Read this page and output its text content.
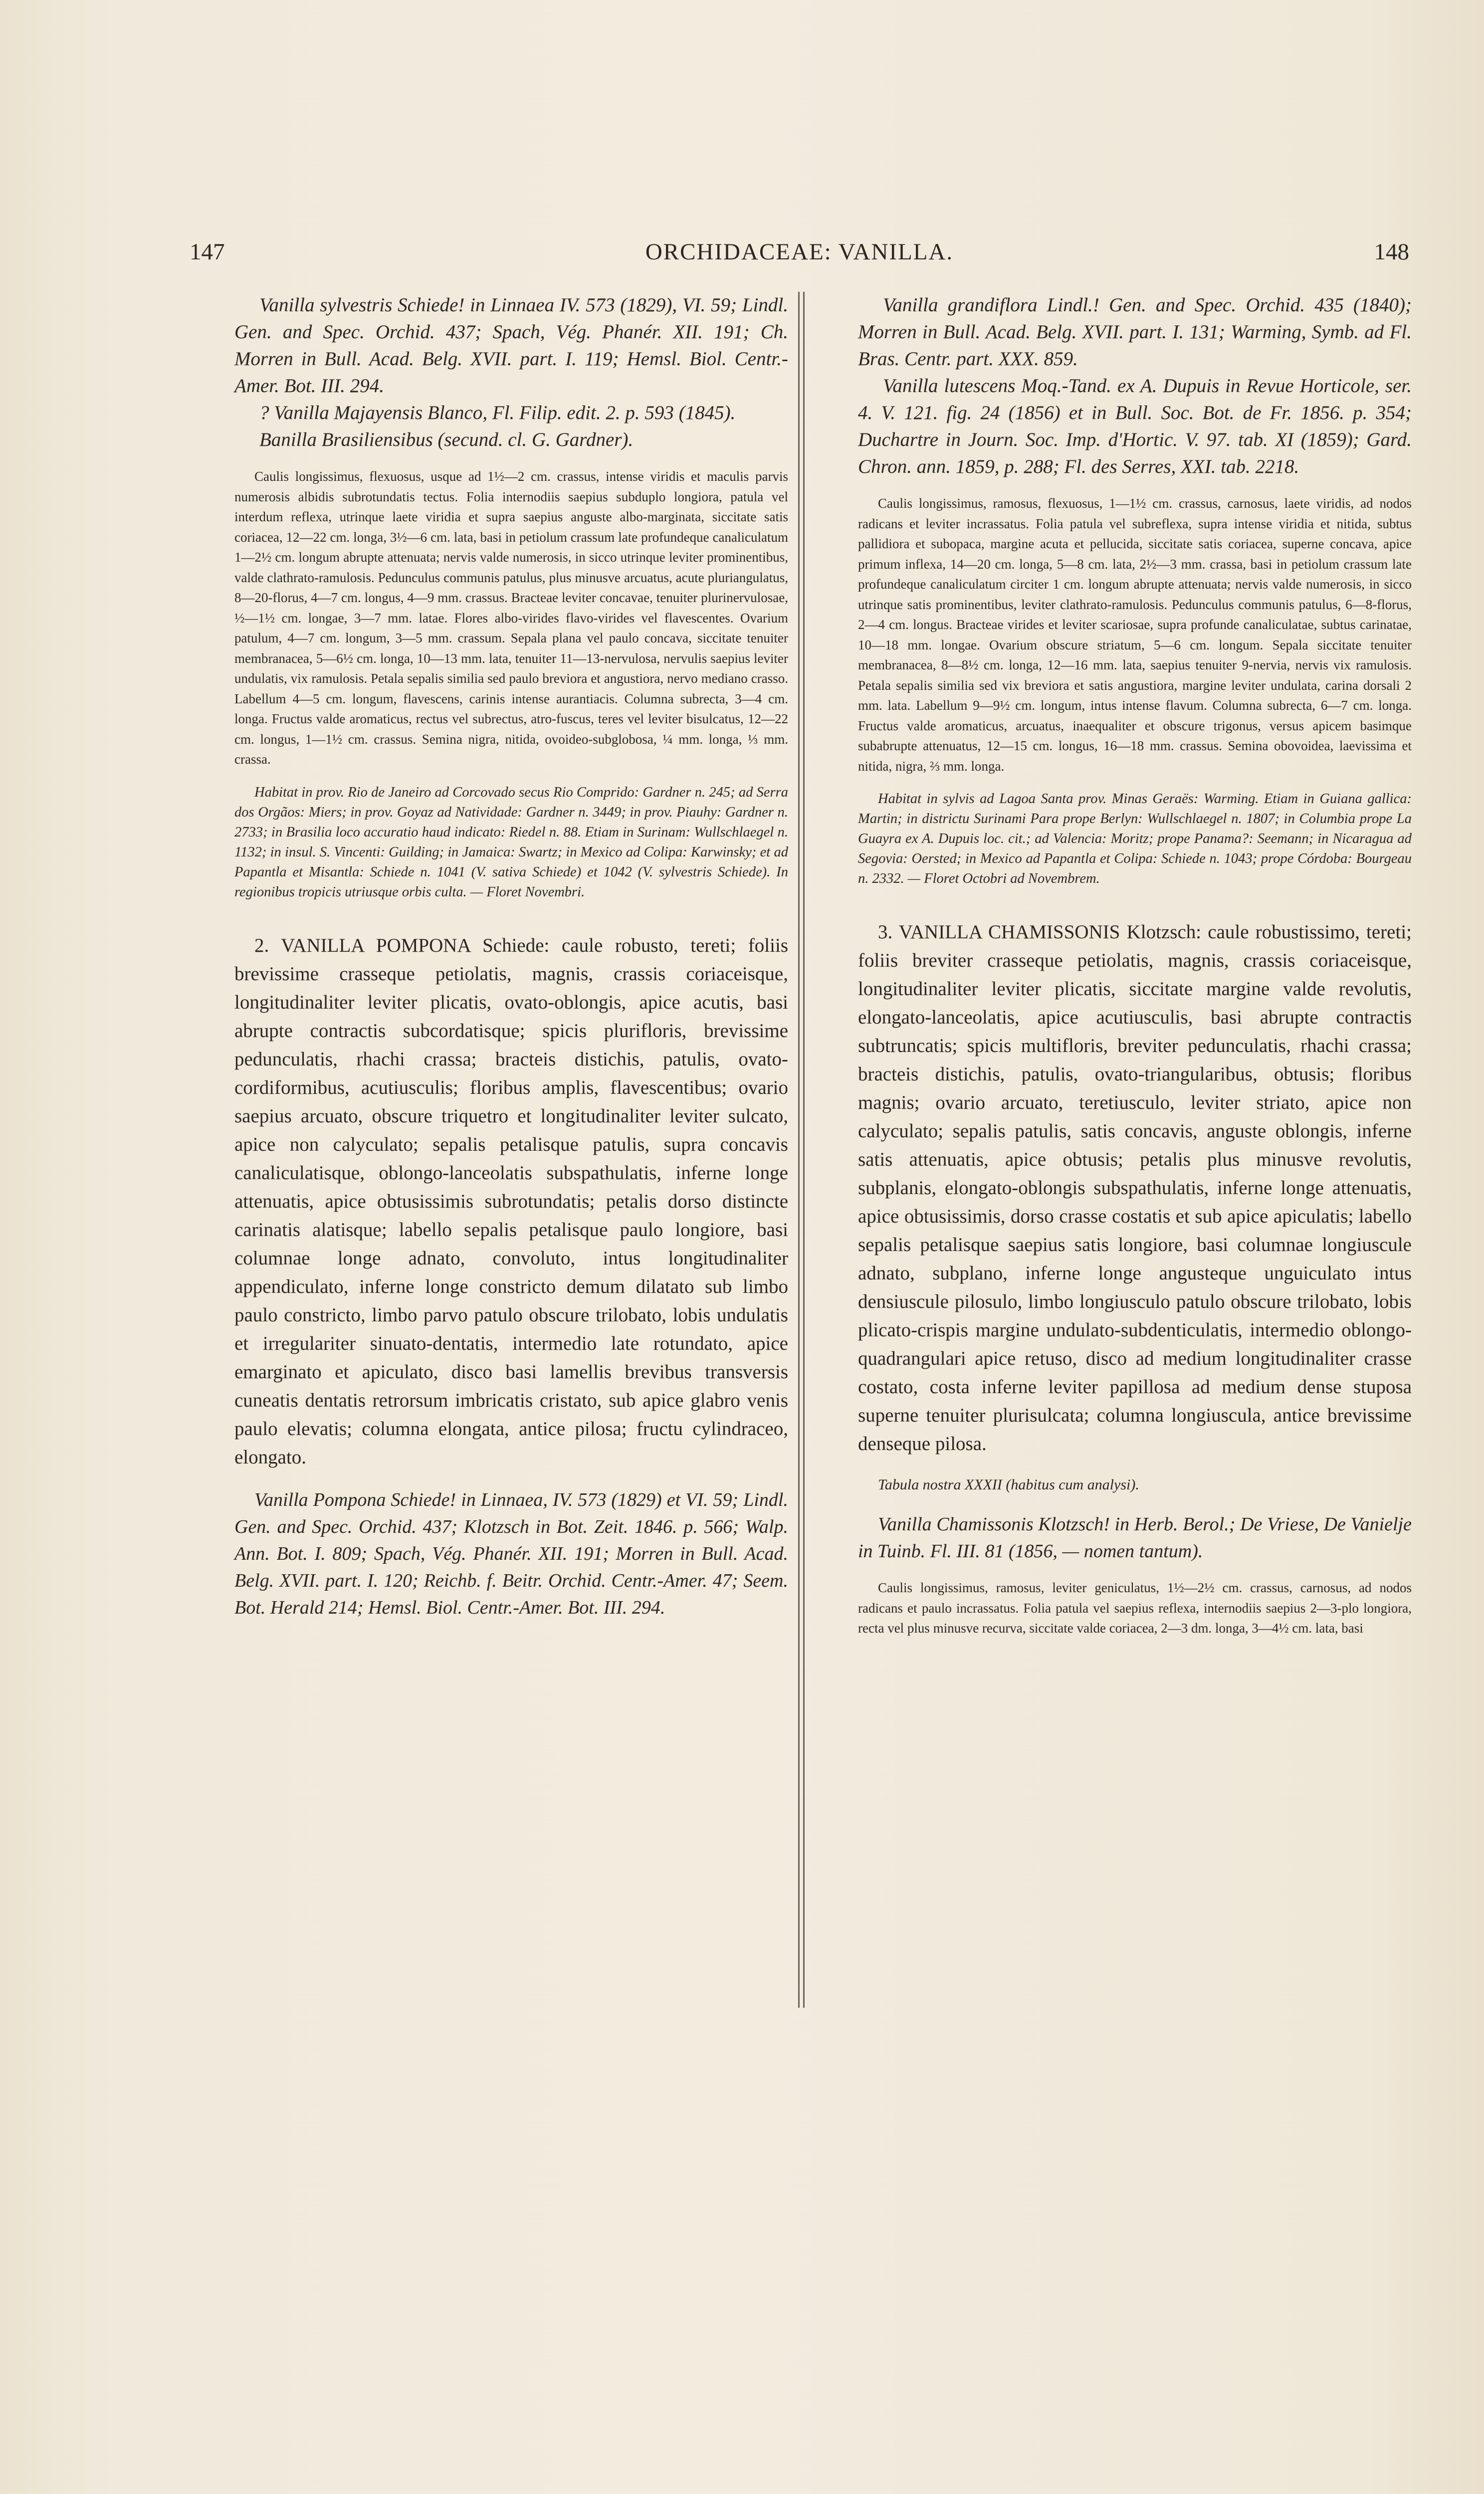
147	ORCHIDACEAE: VANILLA.	148

Vanilla sylvestris Schiede! in Linnaea IV. 573 (1829), VI. 59; Lindl. Gen. and Spec. Orchid. 437; Spach, Vég. Phanér. XII. 191; Ch. Morren in Bull. Acad. Belg. XVII. part. I. 119; Hemsl. Biol. Centr.-Amer. Bot. III. 294.

? Vanilla Majayensis Blanco, Fl. Filip. edit. 2. p. 593 (1845).

Banilla Brasiliensibus (secund. cl. G. Gardner).

Caulis longissimus, flexuosus, usque ad 1½—2 cm. crassus, intense viridis et maculis parvis numerosis albidis subrotundatis tectus. Folia internodiis saepius subduplo longiora, patula vel interdum reflexa, utrinque laete viridia et supra saepius anguste albo-marginata, siccitate satis coriacea, 12—22 cm. longa, 3½—6 cm. lata, basi in petiolum crassum late profundeque canaliculatum 1—2½ cm. longum abrupte attenuata; nervis valde numerosis, in sicco utrinque leviter prominentibus, valde clathrato-ramulosis. Pedunculus communis patulus, plus minusve arcuatus, acute pluriangulatus, 8—20-florus, 4—7 cm. longus, 4—9 mm. crassus. Bracteae leviter concavae, tenuiter plurinervulosae, ½—1½ cm. longae, 3—7 mm. latae. Flores albo-virides flavo-virides vel flavescentes. Ovarium patulum, 4—7 cm. longum, 3—5 mm. crassum. Sepala plana vel paulo concava, siccitate tenuiter membranacea, 5—6½ cm. longa, 10—13 mm. lata, tenuiter 11—13-nervulosa, nervulis saepius leviter undulatis, vix ramulosis. Petala sepalis similia sed paulo breviora et angustiora, nervo mediano crasso. Labellum 4—5 cm. longum, flavescens, carinis intense aurantiacis. Columna subrecta, 3—4 cm. longa. Fructus valde aromaticus, rectus vel subrectus, atro-fuscus, teres vel leviter bisulcatus, 12—22 cm. longus, 1—1½ cm. crassus. Semina nigra, nitida, ovoideo-subglobosa, ¼ mm. longa, ⅓ mm. crassa.

Habitat in prov. Rio de Janeiro ad Corcovado secus Rio Comprido: Gardner n. 245; ad Serra dos Orgãos: Miers; in prov. Goyaz ad Natividade: Gardner n. 3449; in prov. Piauhy: Gardner n. 2733; in Brasilia loco accuratio haud indicato: Riedel n. 88. Etiam in Surinam: Wullschlaegel n. 1132; in insul. S. Vincenti: Guilding; in Jamaica: Swartz; in Mexico ad Colipa: Karwinsky; et ad Papantla et Misantla: Schiede n. 1041 (V. sativa Schiede) et 1042 (V. sylvestris Schiede). In regionibus tropicis utriusque orbis culta. — Floret Novembri.

2. VANILLA POMPONA Schiede: caule robusto, tereti; foliis brevissime crasseque petiolatis, magnis, crassis coriaceisque, longitudinaliter leviter plicatis, ovato-oblongis, apice acutis, basi abrupte contractis subcordatisque; spicis plurifloris, brevissime pedunculatis, rhachi crassa; bracteis distichis, patulis, ovato-cordiformibus, acutiusculis; floribus amplis, flavescentibus; ovario saepius arcuato, obscure triquetro et longitudinaliter leviter sulcato, apice non calyculato; sepalis petalisque patulis, supra concavis canaliculatisque, oblongo-lanceolatis subspathulatis, inferne longe attenuatis, apice obtusissimis subrotundatis; petalis dorso distincte carinatis alatisque; labello sepalis petalisque paulo longiore, basi columnae longe adnato, convoluto, intus longitudinaliter appendiculato, inferne longe constricto demum dilatato sub limbo paulo constricto, limbo parvo patulo obscure trilobato, lobis undulatis et irregulariter sinuato-dentatis, intermedio late rotundato, apice emarginato et apiculato, disco basi lamellis brevibus transversis cuneatis dentatis retrorsum imbricatis cristato, sub apice glabro venis paulo elevatis; columna elongata, antice pilosa; fructu cylindraceo, elongato.

Vanilla Pompona Schiede! in Linnaea, IV. 573 (1829) et VI. 59; Lindl. Gen. and Spec. Orchid. 437; Klotzsch in Bot. Zeit. 1846. p. 566; Walp. Ann. Bot. I. 809; Spach, Vég. Phanér. XII. 191; Morren in Bull. Acad. Belg. XVII. part. I. 120; Reichb. f. Beitr. Orchid. Centr.-Amer. 47; Seem. Bot. Herald 214; Hemsl. Biol. Centr.-Amer. Bot. III. 294.

Vanilla grandiflora Lindl.! Gen. and Spec. Orchid. 435 (1840); Morren in Bull. Acad. Belg. XVII. part. I. 131; Warming, Symb. ad Fl. Bras. Centr. part. XXX. 859.

Vanilla lutescens Moq.-Tand. ex A. Dupuis in Revue Horticole, ser. 4. V. 121. fig. 24 (1856) et in Bull. Soc. Bot. de Fr. 1856. p. 354; Duchartre in Journ. Soc. Imp. d'Hortic. V. 97. tab. XI (1859); Gard. Chron. ann. 1859, p. 288; Fl. des Serres, XXI. tab. 2218.

Caulis longissimus, ramosus, flexuosus, 1—1½ cm. crassus, carnosus, laete viridis, ad nodos radicans et leviter incrassatus. Folia patula vel subreflexa, supra intense viridia et nitida, subtus pallidiora et subopaca, margine acuta et pellucida, siccitate satis coriacea, superne concava, apice primum inflexa, 14—20 cm. longa, 5—8 cm. lata, 2½—3 mm. crassa, basi in petiolum crassum late profundeque canaliculatum circiter 1 cm. longum abrupte attenuata; nervis valde numerosis, in sicco utrinque satis prominentibus, leviter clathrato-ramulosis. Pedunculus communis patulus, 6—8-florus, 2—4 cm. longus. Bracteae virides et leviter scariosae, supra profunde canaliculatae, subtus carinatae, 10—18 mm. longae. Ovarium obscure striatum, 5—6 cm. longum. Sepala siccitate tenuiter membranacea, 8—8½ cm. longa, 12—16 mm. lata, saepius tenuiter 9-nervia, nervis vix ramulosis. Petala sepalis similia sed vix breviora et satis angustiora, margine leviter undulata, carina dorsali 2 mm. lata. Labellum 9—9½ cm. longum, intus intense flavum. Columna subrecta, 6—7 cm. longa. Fructus valde aromaticus, arcuatus, inaequaliter et obscure trigonus, versus apicem basimque subabrupte attenuatus, 12—15 cm. longus, 16—18 mm. crassus. Semina obovoidea, laevissima et nitida, nigra, ⅔ mm. longa.

Habitat in sylvis ad Lagoa Santa prov. Minas Geraës: Warming. Etiam in Guiana gallica: Martin; in districtu Surinami Para prope Berlyn: Wullschlaegel n. 1807; in Columbia prope La Guayra ex A. Dupuis loc. cit.; ad Valencia: Moritz; prope Panama?: Seemann; in Nicaragua ad Segovia: Oersted; in Mexico ad Papantla et Colipa: Schiede n. 1043; prope Córdoba: Bourgeau n. 2332. — Floret Octobri ad Novembrem.

3. VANILLA CHAMISSONIS Klotzsch: caule robustissimo, tereti; foliis breviter crasseque petiolatis, magnis, crassis coriaceisque, longitudinaliter leviter plicatis, siccitate margine valde revolutis, elongato-lanceolatis, apice acutiusculis, basi abrupte contractis subtruncatis; spicis multifloris, breviter pedunculatis, rhachi crassa; bracteis distichis, patulis, ovato-triangularibus, obtusis; floribus magnis; ovario arcuato, teretiusculo, leviter striato, apice non calyculato; sepalis patulis, satis concavis, anguste oblongis, inferne satis attenuatis, apice obtusis; petalis plus minusve revolutis, subplanis, elongato-oblongis subspathulatis, inferne longe attenuatis, apice obtusissimis, dorso crasse costatis et sub apice apiculatis; labello sepalis petalisque saepius satis longiore, basi columnae longiuscule adnato, subplano, inferne longe angusteque unguiculato intus densiuscule pilosulo, limbo longiusculo patulo obscure trilobato, lobis plicato-crispis margine undulato-subdenticulatis, intermedio oblongo-quadrangulari apice retuso, disco ad medium longitudinaliter crasse costato, costa inferne leviter papillosa ad medium dense stuposa superne tenuiter plurisulcata; columna longiuscula, antice brevissime denseque pilosa.

Tabula nostra XXXII (habitus cum analysi).

Vanilla Chamissonis Klotzsch! in Herb. Berol.; De Vriese, De Vanielje in Tuinb. Fl. III. 81 (1856, — nomen tantum).

Caulis longissimus, ramosus, leviter geniculatus, 1½—2½ cm. crassus, carnosus, ad nodos radicans et paulo incrassatus. Folia patula vel saepius reflexa, internodiis saepius 2—3-plo longiora, recta vel plus minusve recurva, siccitate valde coriacea, 2—3 dm. longa, 3—4½ cm. lata, basi
